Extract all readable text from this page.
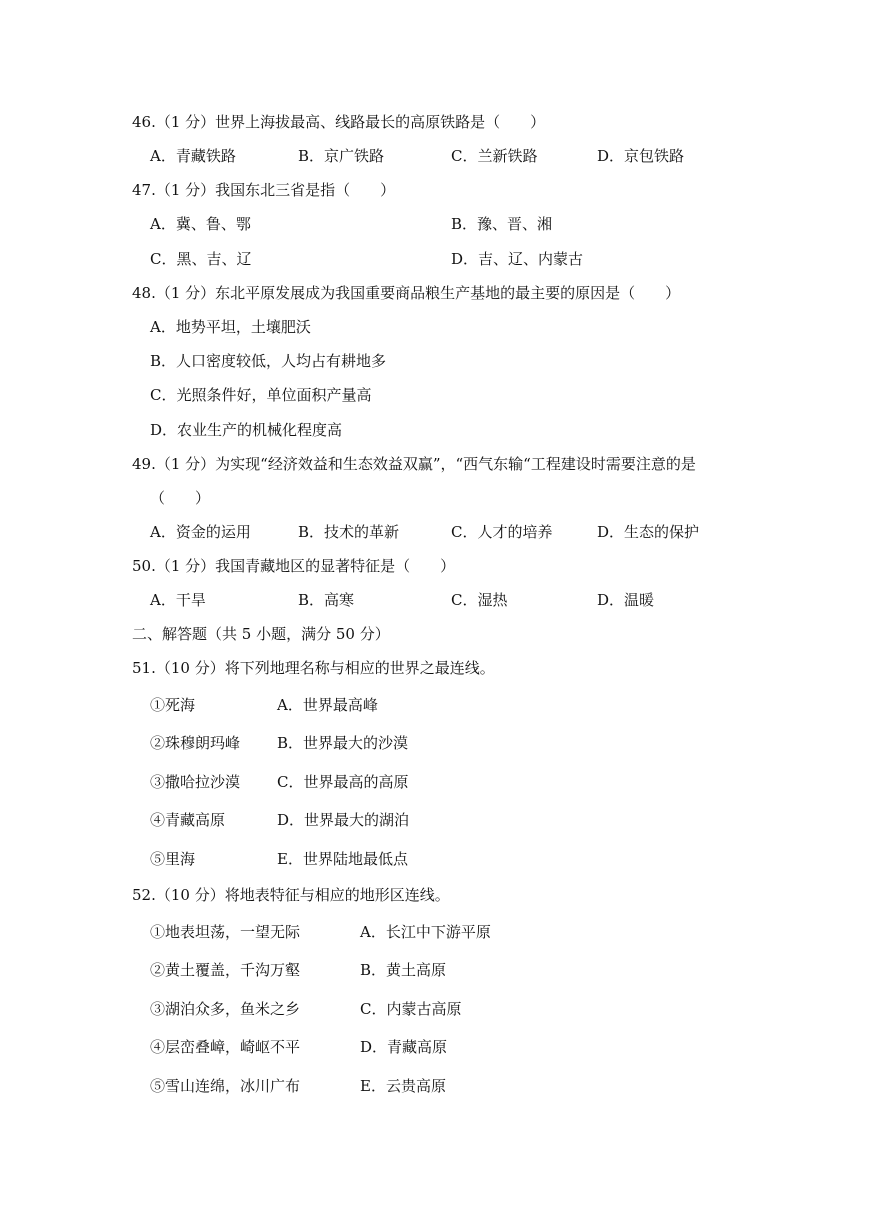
46.（1 分）世界上海拔最高、线路最长的高原铁路是（　　）
A．青藏铁路	B．京广铁路	C．兰新铁路	D．京包铁路
47.（1 分）我国东北三省是指（　　）
A．冀、鲁、鄂	B．豫、晋、湘
C．黑、吉、辽	D．吉、辽、内蒙古
48.（1 分）东北平原发展成为我国重要商品粮生产基地的最主要的原因是（　　）
A．地势平坦，土壤肥沃
B．人口密度较低，人均占有耕地多
C．光照条件好，单位面积产量高
D．农业生产的机械化程度高
49.（1 分）为实现“经济效益和生态效益双赢”，“西气东输“工程建设时需要注意的是
（　　）
A．资金的运用	B．技术的革新	C．人才的培养	D．生态的保护
50.（1 分）我国青藏地区的显著特征是（　　）
A．干旱	B．高寒	C．湿热	D．温暖
二、解答题（共 5 小题，满分 50 分）
51.（10 分）将下列地理名称与相应的世界之最连线。
①死海	A．世界最高峰
②珠穆朗玛峰 B．世界最大的沙漠
③撒哈拉沙漠 C．世界最高的高原
④青藏高原	D．世界最大的湖泊
⑤里海	E．世界陆地最低点
52.（10 分）将地表特征与相应的地形区连线。
①地表坦荡，一望无际	A．长江中下游平原
②黄土覆盖，千沟万壑	B．黄土高原
③湖泊众多，鱼米之乡	C．内蒙古高原
④层峦叠嶂，崎岖不平	D．青藏高原
⑤雪山连绵，冰川广布	E．云贵高原
